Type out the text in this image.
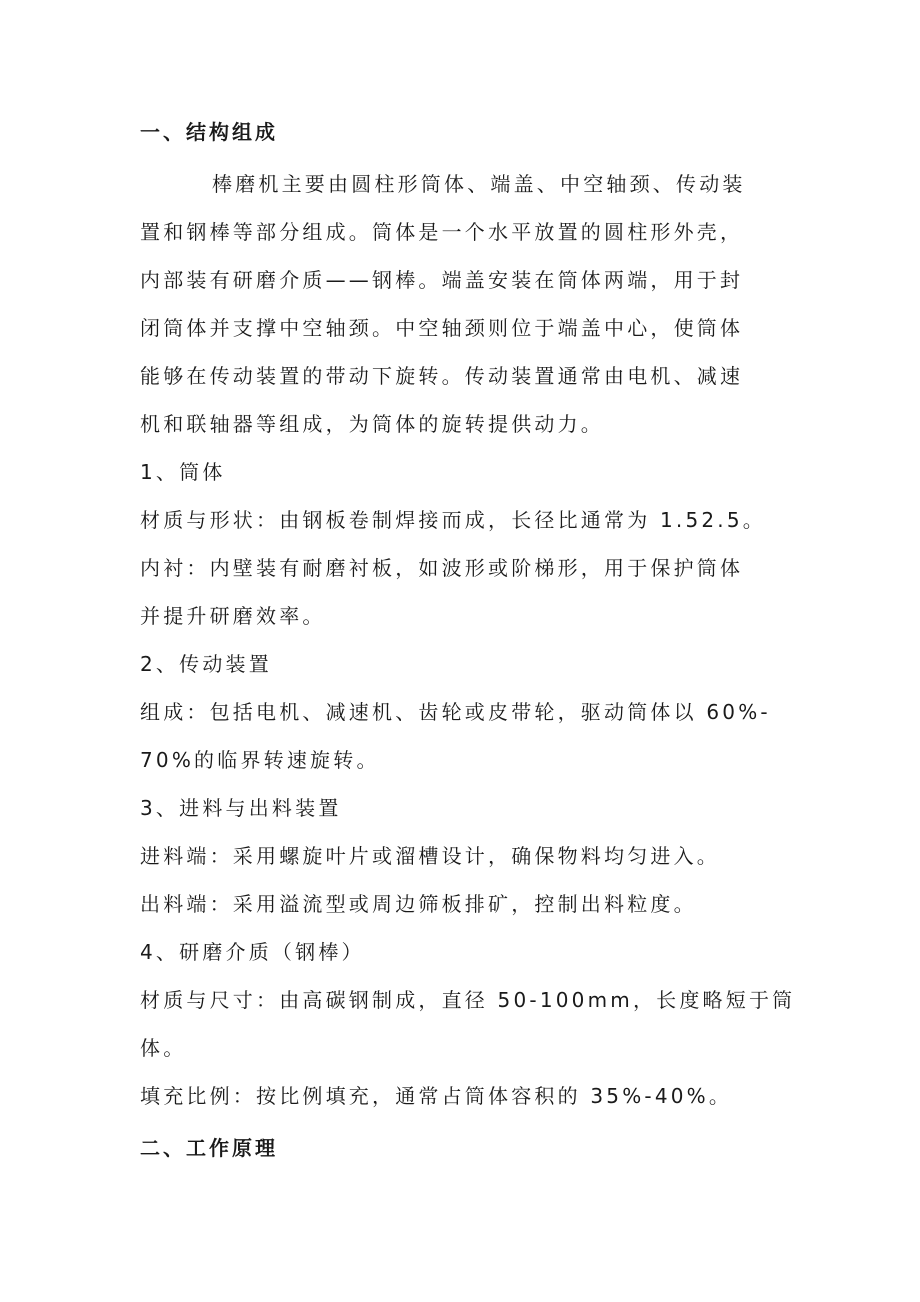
一、结构组成
棒磨机主要由圆柱形筒体、端盖、中空轴颈、传动装
置和钢棒等部分组成。筒体是一个水平放置的圆柱形外壳，
内部装有研磨介质——钢棒。端盖安装在筒体两端，用于封
闭筒体并支撑中空轴颈。中空轴颈则位于端盖中心，使筒体
能够在传动装置的带动下旋转。传动装置通常由电机、减速
机和联轴器等组成，为筒体的旋转提供动力。
1、筒体
材质与形状：由钢板卷制焊接而成，长径比通常为 1.52.5。
内衬：内壁装有耐磨衬板，如波形或阶梯形，用于保护筒体
并提升研磨效率。
2、传动装置
组成：包括电机、减速机、齿轮或皮带轮，驱动筒体以 60%-
70%的临界转速旋转。
3、进料与出料装置
进料端：采用螺旋叶片或溜槽设计，确保物料均匀进入。
出料端：采用溢流型或周边筛板排矿，控制出料粒度。
4、研磨介质（钢棒）
材质与尺寸：由高碳钢制成，直径 50-100mm，长度略短于筒
体。
填充比例：按比例填充，通常占筒体容积的 35%-40%。
二、工作原理
